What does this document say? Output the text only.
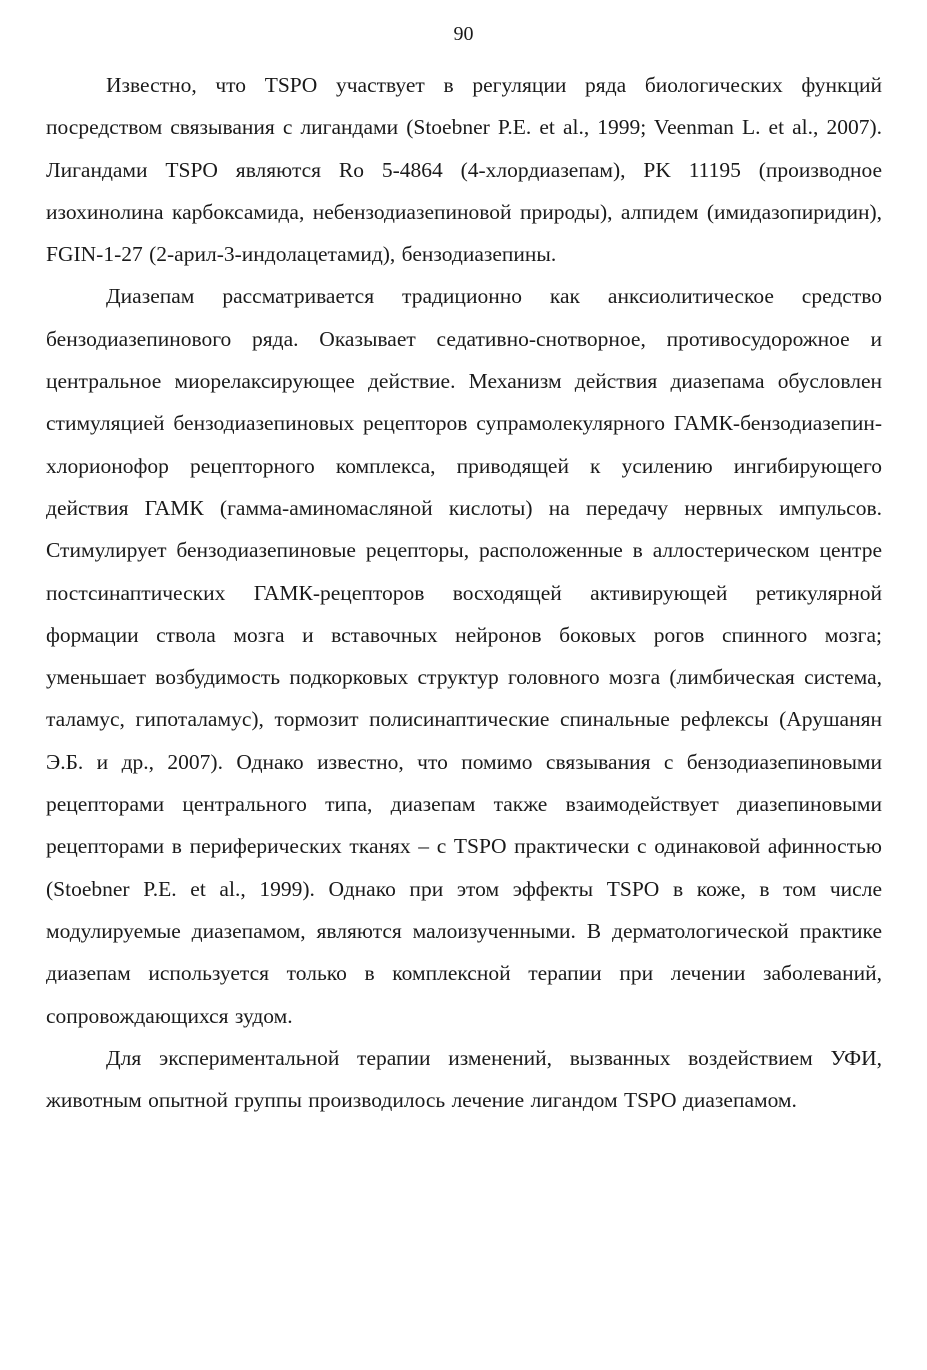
90

Известно, что TSPO участвует в регуляции ряда биологических функций посредством связывания с лигандами (Stoebner P.E. et al., 1999; Veenman L. et al., 2007). Лигандами TSPO являются Ro 5-4864 (4-хлордиазепам), PK 11195 (производное изохинолина карбоксамида, небензодиазепиновой природы), алпидем (имидазопиридин), FGIN-1-27 (2-арил-3-индолацетамид), бензодиазепины.

Диазепам рассматривается традиционно как анксиолитическое средство бензодиазепинового ряда. Оказывает седативно-снотворное, противосудорожное и центральное миорелаксирующее действие. Механизм действия диазепама обусловлен стимуляцией бензодиазепиновых рецепторов супрамолекулярного ГАМК-бензодиазепин-хлорионофор рецепторного комплекса, приводящей к усилению ингибирующего действия ГАМК (гамма-аминомасляной кислоты) на передачу нервных импульсов. Стимулирует бензодиазепиновые рецепторы, расположенные в аллостерическом центре постсинаптических ГАМК-рецепторов восходящей активирующей ретикулярной формации ствола мозга и вставочных нейронов боковых рогов спинного мозга; уменьшает возбудимость подкорковых структур головного мозга (лимбическая система, таламус, гипоталамус), тормозит полисинаптические спинальные рефлексы (Арушанян Э.Б. и др., 2007). Однако известно, что помимо связывания с бензодиазепиновыми рецепторами центрального типа, диазепам также взаимодействует диазепиновыми рецепторами в периферических тканях – с TSPO практически с одинаковой афинностью (Stoebner P.E. et al., 1999). Однако при этом эффекты TSPO в коже, в том числе модулируемые диазепамом, являются малоизученными. В дерматологической практике диазепам используется только в комплексной терапии при лечении заболеваний, сопровождающихся зудом.

Для экспериментальной терапии изменений, вызванных воздействием УФИ, животным опытной группы производилось лечение лигандом TSPO диазепамом.
